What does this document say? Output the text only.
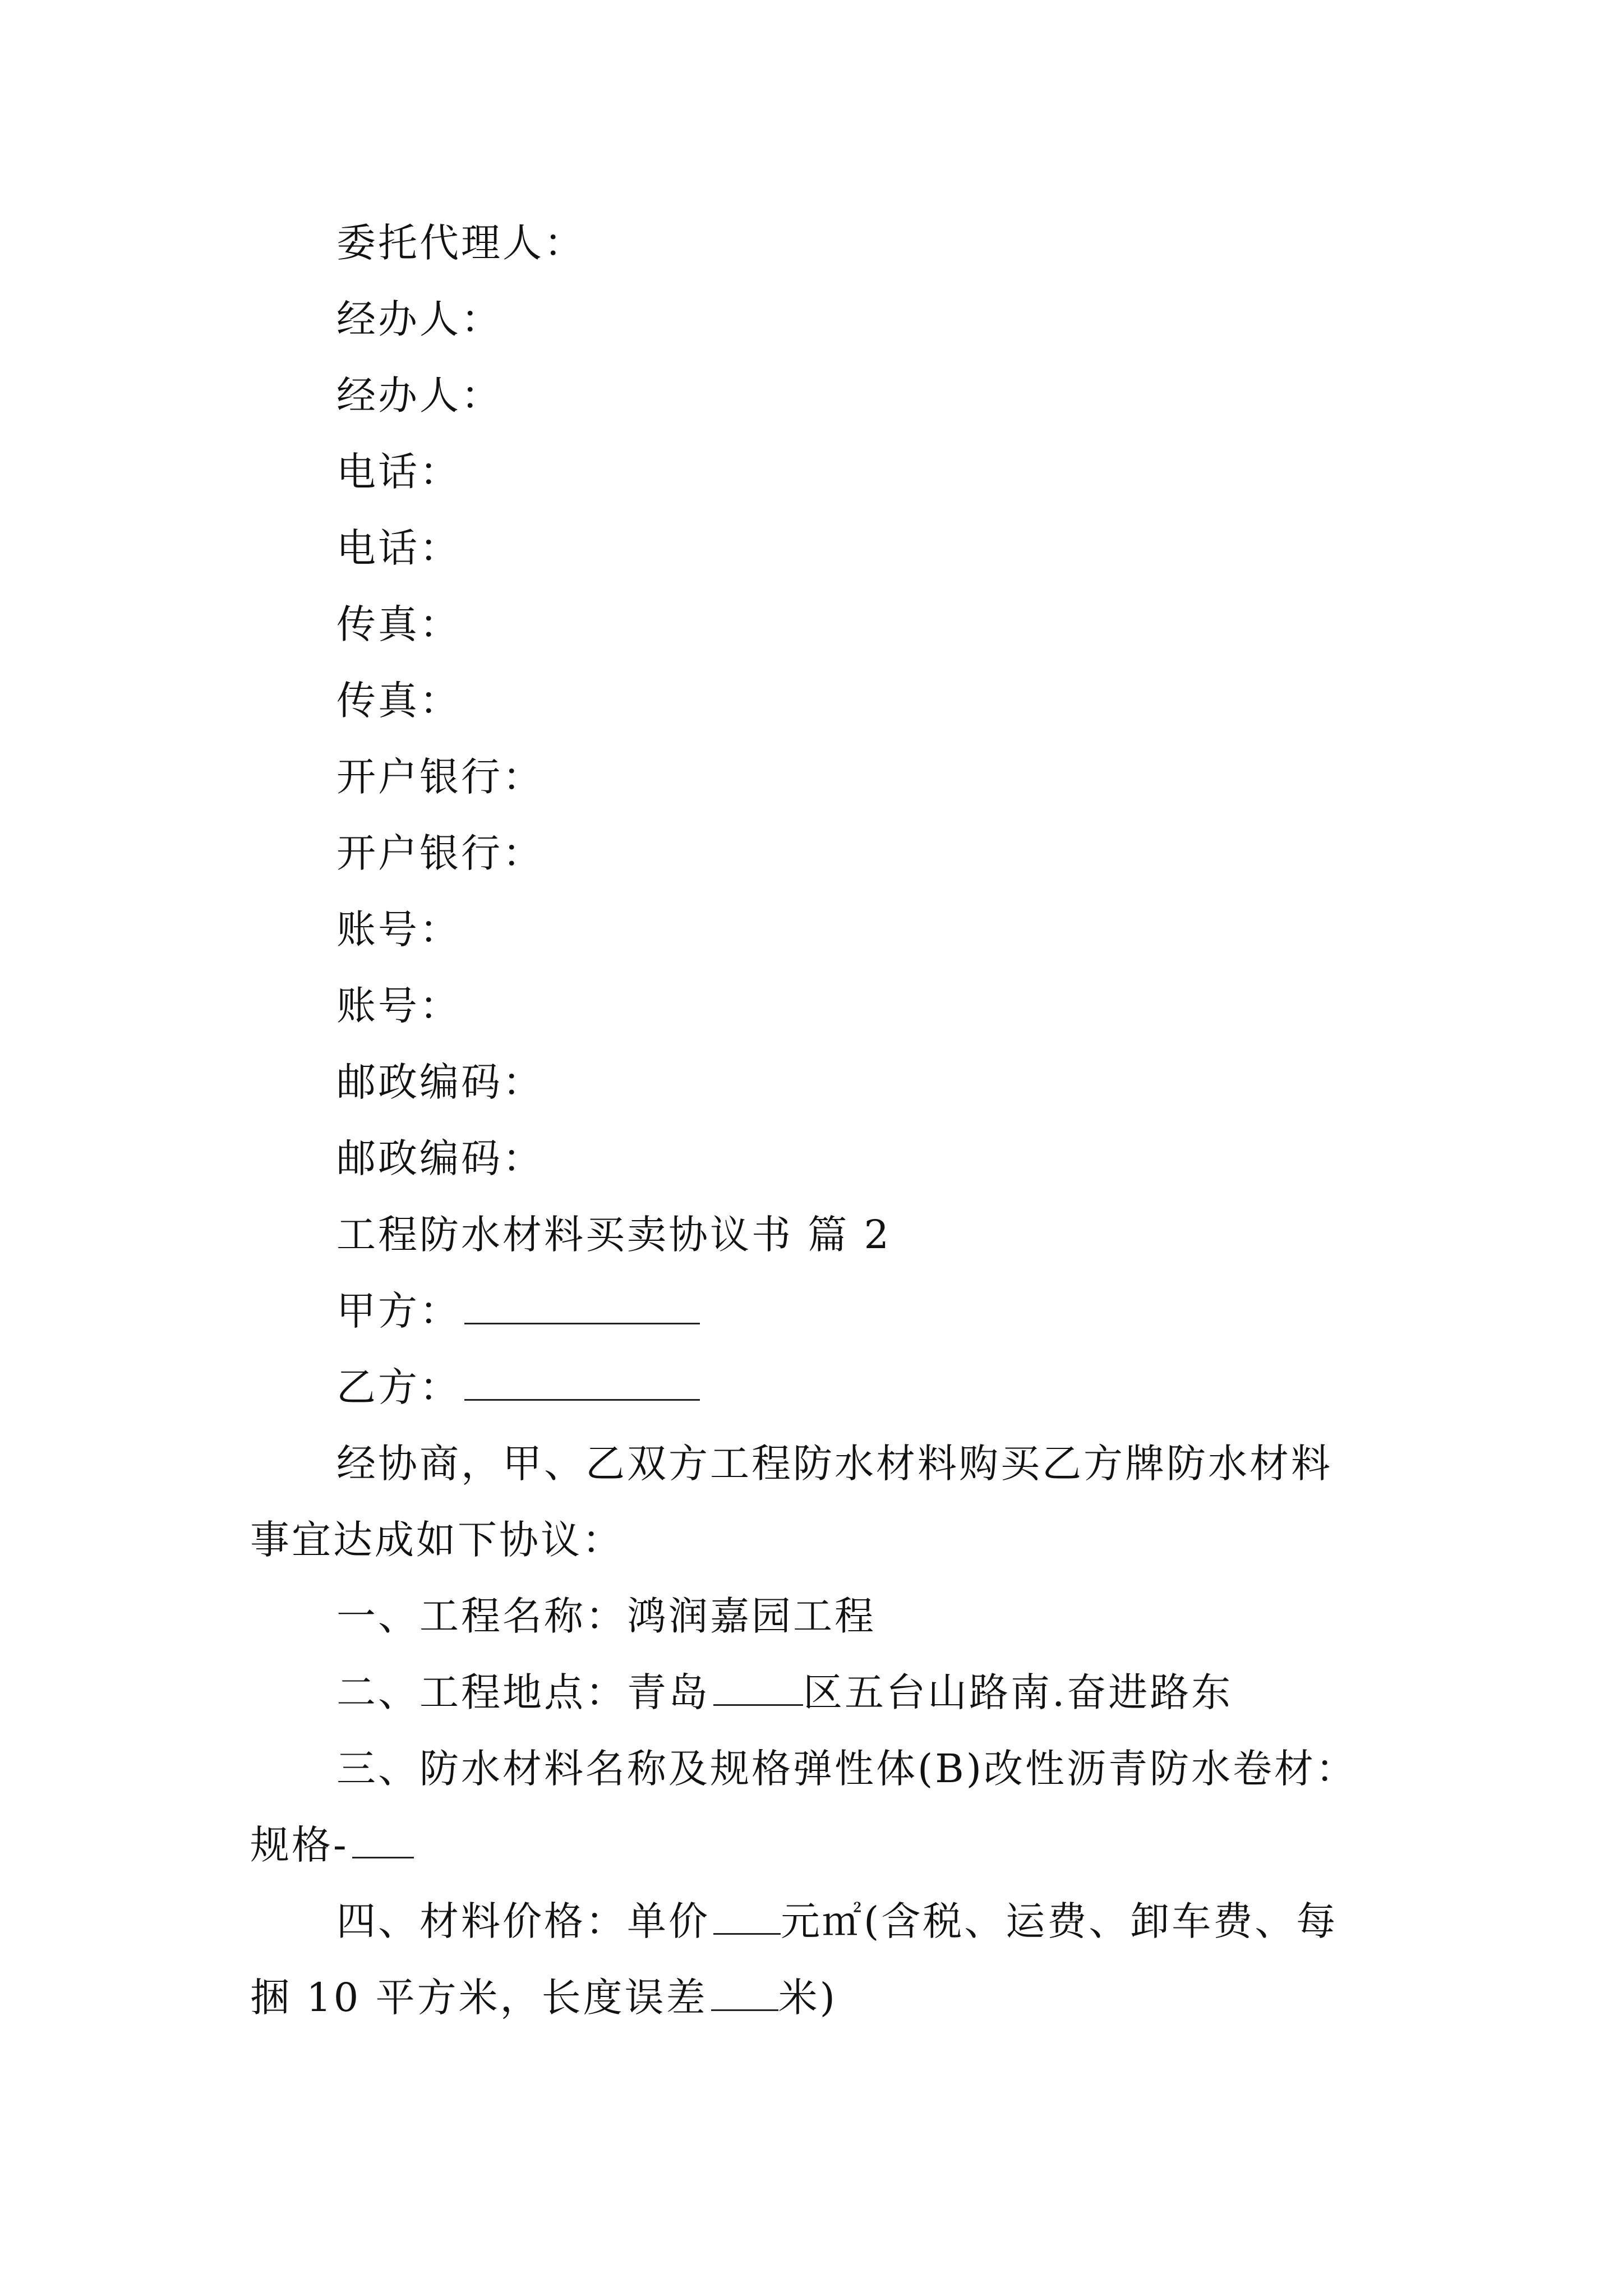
委托代理人：
经办人：
经办人：
电话：
电话：
传真：
传真：
开户银行：
开户银行：
账号：
账号：
邮政编码：
邮政编码：
工程防水材料买卖协议书 篇 2
甲方：
乙方：
经协商，甲、乙双方工程防水材料购买乙方牌防水材料
事宜达成如下协议：
一、工程名称：鸿润嘉园工程
二、工程地点：青岛 区五台山路南.奋进路东
三、防水材料名称及规格弹性体(B)改性沥青防水卷材：
规格-
四、材料价格：单价 元㎡(含税、运费、卸车费、每
捆 10 平方米，长度误差 米)
